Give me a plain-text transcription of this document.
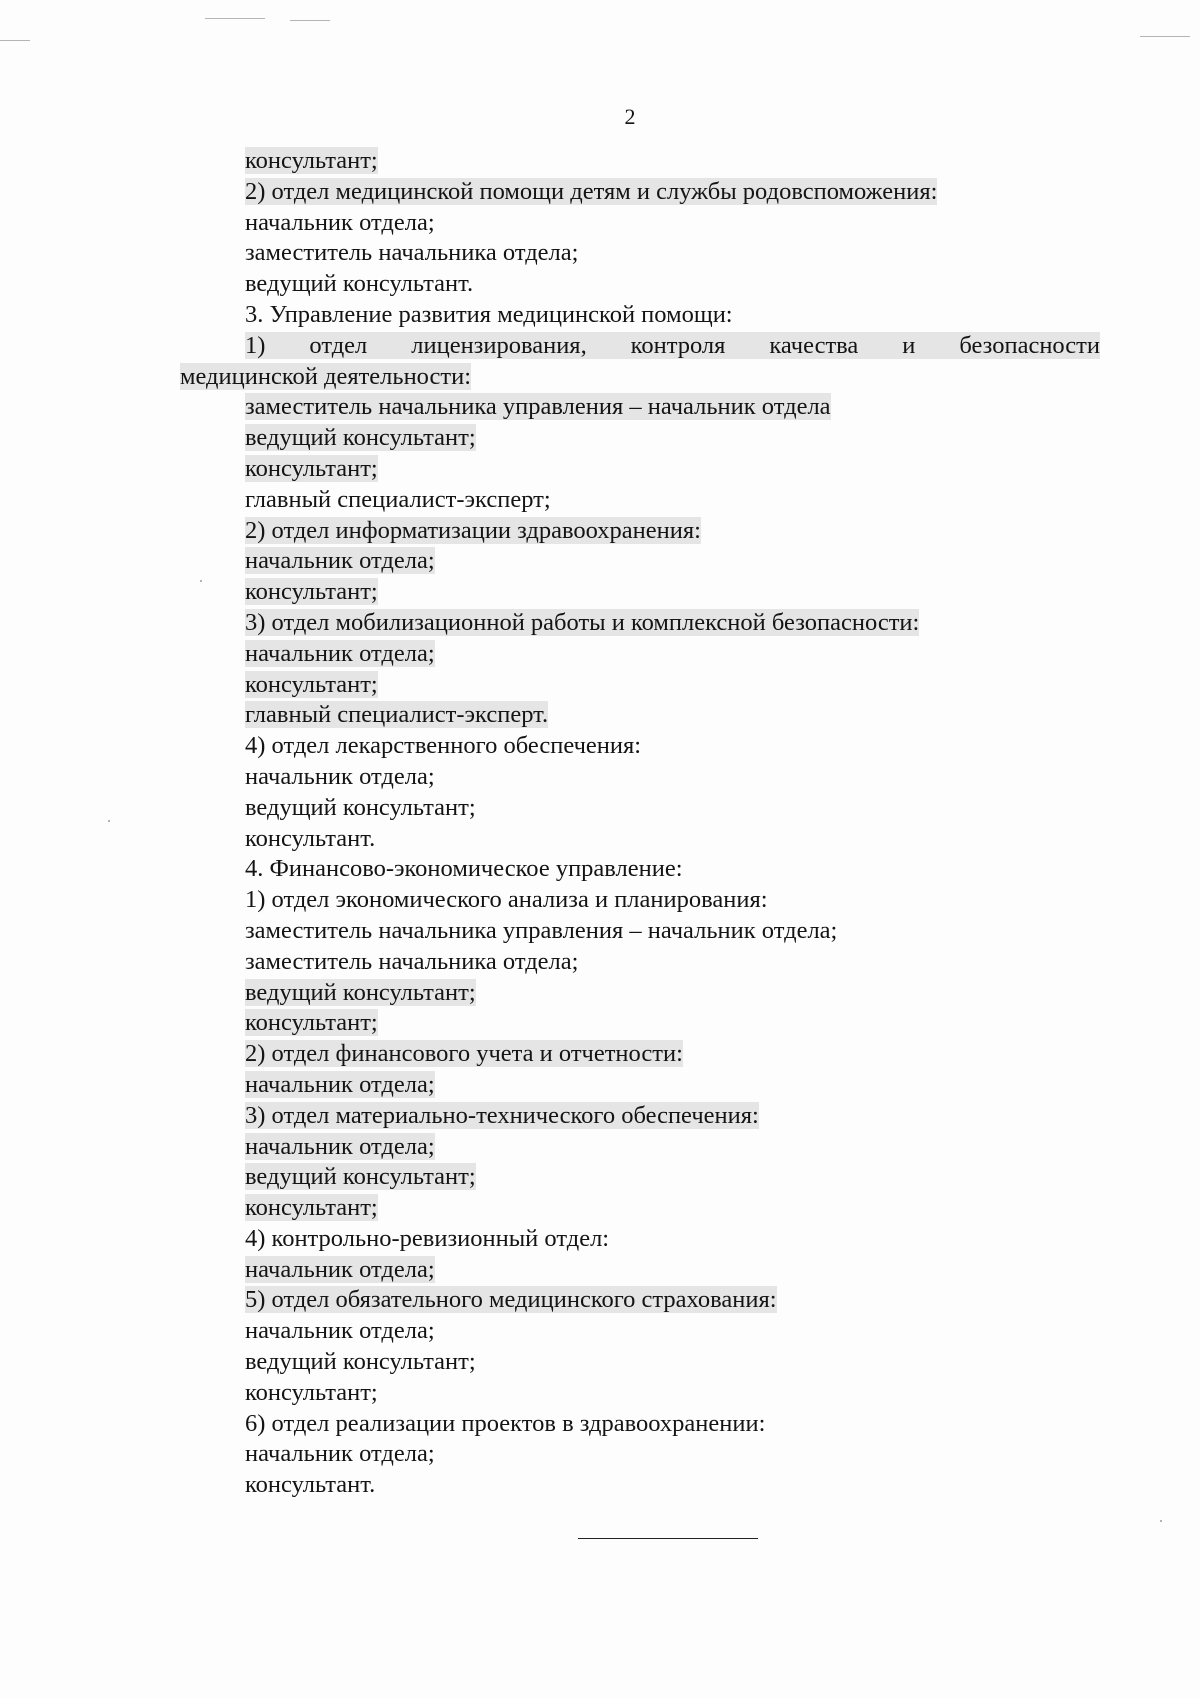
2
консультант;
2) отдел медицинской помощи детям и службы родовспоможения:
начальник отдела;
заместитель начальника отдела;
ведущий консультант.
3. Управление развития медицинской помощи:
1)    отдел    лицензирования,    контроля    качества    и    безопасности
медицинской деятельности:
заместитель начальника управления – начальник отдела
ведущий консультант;
консультант;
главный специалист-эксперт;
2) отдел информатизации здравоохранения:
начальник отдела;
консультант;
3) отдел мобилизационной работы и комплексной безопасности:
начальник отдела;
консультант;
главный специалист-эксперт.
4) отдел лекарственного обеспечения:
начальник отдела;
ведущий консультант;
консультант.
4. Финансово-экономическое управление:
1) отдел экономического анализа и планирования:
заместитель начальника управления – начальник отдела;
заместитель начальника отдела;
ведущий консультант;
консультант;
2) отдел финансового учета и отчетности:
начальник отдела;
3) отдел материально-технического обеспечения:
начальник отдела;
ведущий консультант;
консультант;
4) контрольно-ревизионный отдел:
начальник отдела;
5) отдел обязательного медицинского страхования:
начальник отдела;
ведущий консультант;
консультант;
6) отдел реализации проектов в здравоохранении:
начальник отдела;
консультант.
